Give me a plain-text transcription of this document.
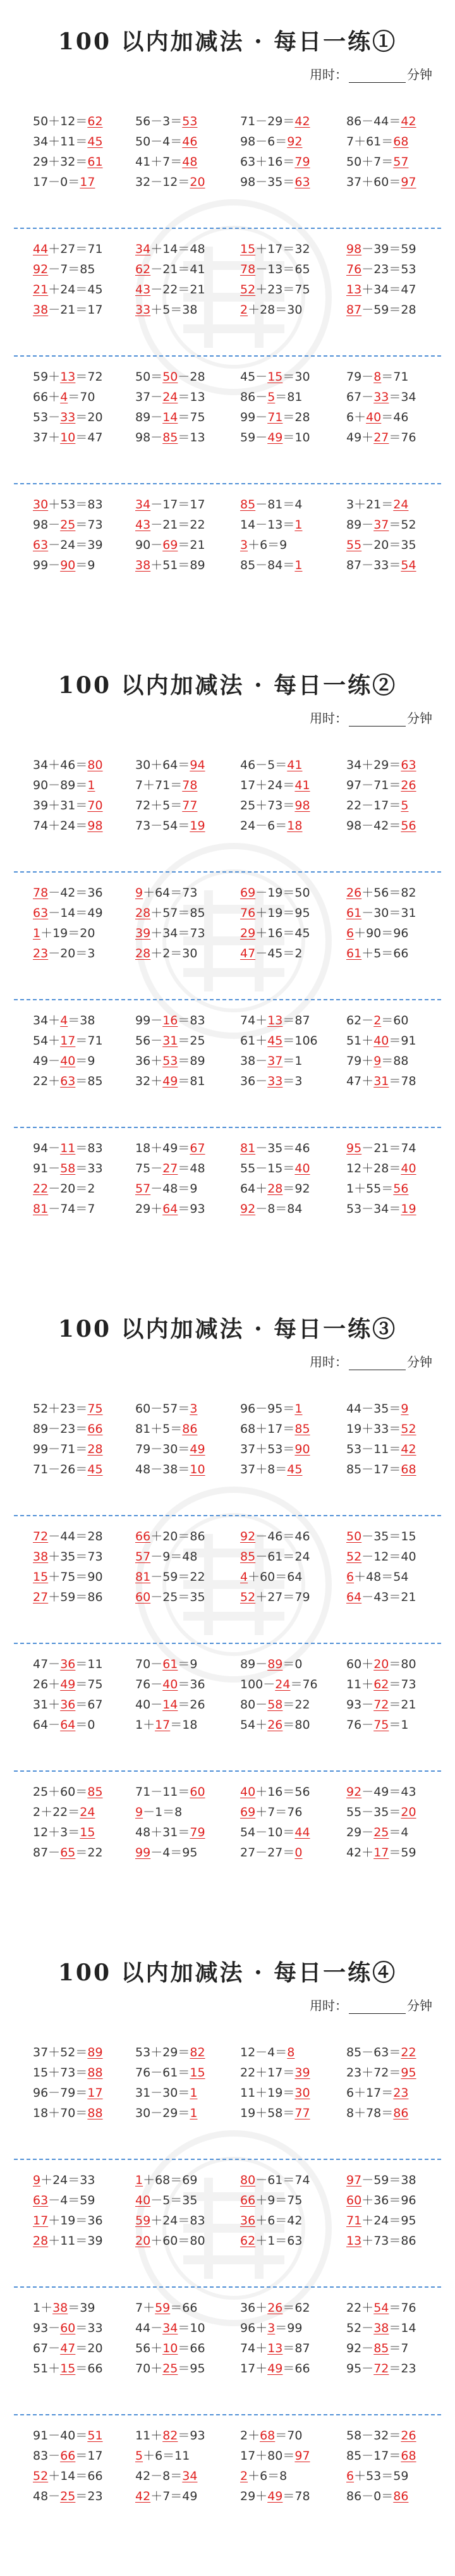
100 以内加减法 · 每日一练①
用时：	分钟
50＋12＝62	56－3＝53	71－29＝42	86－44＝42
34＋11＝45	50－4＝46	98－6＝92	7＋61＝68
29＋32＝61	41＋7＝48	63＋16＝79	50＋7＝57
17－0＝17	32－12＝20	98－35＝63	37＋60＝97
44＋27＝71	34＋14＝48	15＋17＝32	98－39＝59
92－7＝85	62－21＝41	78－13＝65	76－23＝53
21＋24＝45	43－22＝21	52＋23＝75	13＋34＝47
38－21＝17	33＋5＝38	2＋28＝30	87－59＝28
59＋13＝72	50＝50－28	45－15＝30	79－8＝71
66＋4＝70	37－24＝13	86－5＝81	67－33＝34
53－33＝20	89－14＝75	99－71＝28	6＋40＝46
37＋10＝47	98－85＝13	59－49＝10	49＋27＝76
30＋53＝83	34－17＝17	85－81＝4	3＋21＝24
98－25＝73	43－21＝22	14－13＝1	89－37＝52
63－24＝39	90－69＝21	3＋6＝9	55－20＝35
99－90＝9	38＋51＝89	85－84＝1	87－33＝54
100 以内加减法 · 每日一练②
用时：	分钟
34＋46＝80	30＋64＝94	46－5＝41	34＋29＝63
90－89＝1	7＋71＝78	17＋24＝41	97－71＝26
39＋31＝70	72＋5＝77	25＋73＝98	22－17＝5
74＋24＝98	73－54＝19	24－6＝18	98－42＝56
78－42＝36	9＋64＝73	69－19＝50	26＋56＝82
63－14＝49	28＋57＝85	76＋19＝95	61－30＝31
1＋19＝20	39＋34＝73	29＋16＝45	6＋90＝96
23－20＝3	28＋2＝30	47－45＝2	61＋5＝66
34＋4＝38	99－16＝83	74＋13＝87	62－2＝60
54＋17＝71	56－31＝25	61＋45＝106 51＋40＝91
49－40＝9	36＋53＝89	38－37＝1	79＋9＝88
22＋63＝85	32＋49＝81	36－33＝3	47＋31＝78
94－11＝83	18＋49＝67	81－35＝46	95－21＝74
91－58＝33	75－27＝48	55－15＝40	12＋28＝40
22－20＝2	57－48＝9	64＋28＝92	1＋55＝56
81－74＝7	29＋64＝93	92－8＝84	53－34＝19
100 以内加减法 · 每日一练③
用时：	分钟
52＋23＝75	60－57＝3	96－95＝1	44－35＝9
89－23＝66	81＋5＝86	68＋17＝85	19＋33＝52
99－71＝28	79－30＝49	37＋53＝90	53－11＝42
71－26＝45	48－38＝10	37＋8＝45	85－17＝68
72－44＝28	66＋20＝86	92－46＝46	50－35＝15
38＋35＝73	57－9＝48	85－61＝24	52－12＝40
15＋75＝90	81－59＝22	4＋60＝64	6＋48＝54
27＋59＝86	60－25＝35	52＋27＝79	64－43＝21
47－36＝11	70－61＝9	89－89＝0	60＋20＝80
26＋49＝75	76－40＝36	100－24＝76 11＋62＝73
31＋36＝67	40－14＝26	80－58＝22	93－72＝21
64－64＝0	1＋17＝18	54＋26＝80	76－75＝1
25＋60＝85	71－11＝60	40＋16＝56	92－49＝43
2＋22＝24	9－1＝8	69＋7＝76	55－35＝20
12＋3＝15	48＋31＝79	54－10＝44	29－25＝4
87－65＝22	99－4＝95	27－27＝0	42＋17＝59
100 以内加减法 · 每日一练④
用时：	分钟
37＋52＝89	53＋29＝82	12－4＝8	85－63＝22
15＋73＝88	76－61＝15	22＋17＝39	23＋72＝95
96－79＝17	31－30＝1	11＋19＝30	6＋17＝23
18＋70＝88	30－29＝1	19＋58＝77	8＋78＝86
9＋24＝33	1＋68＝69	80－61＝74	97－59＝38
63－4＝59	40－5＝35	66＋9＝75	60＋36＝96
17＋19＝36	59＋24＝83	36＋6＝42	71＋24＝95
28＋11＝39	20＋60＝80	62＋1＝63	13＋73＝86
1＋38＝39	7＋59＝66	36＋26＝62	22＋54＝76
93－60＝33	44－34＝10	96＋3＝99	52－38＝14
67－47＝20	56＋10＝66	74＋13＝87	92－85＝7
51＋15＝66	70＋25＝95	17＋49＝66	95－72＝23
91－40＝51	11＋82＝93	2＋68＝70	58－32＝26
83－66＝17	5＋6＝11	17＋80＝97	85－17＝68
52＋14＝66	42－8＝34	2＋6＝8	6＋53＝59
48－25＝23	42＋7＝49	29＋49＝78	86－0＝86
